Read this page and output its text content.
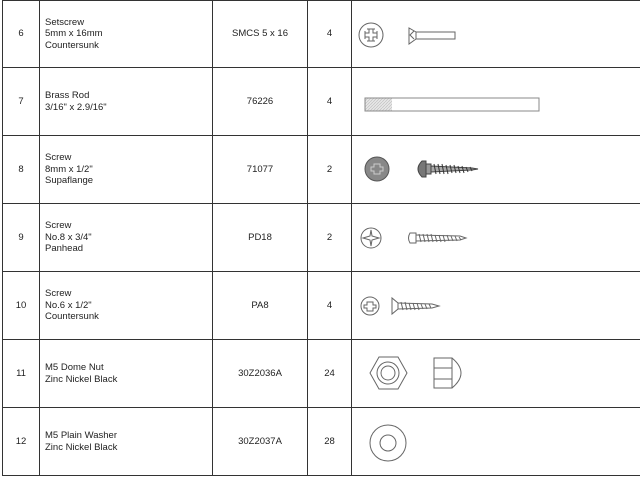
6	Setscrew
5mm x 16mm
Countersunk	SMCS 5 x 16	4	

7	Brass Rod
3/16" x 2.9/16"	76226	4	

8	Screw
8mm x 1/2"
Supaflange	71077	2	

9	Screw
No.8 x 3/4"
Panhead	PD18	2	

10	Screw
No.6 x 1/2"
Countersunk	PA8	4	

11	M5 Dome Nut
Zinc Nickel Black	30Z2036A	24	

12	M5 Plain Washer
Zinc Nickel Black	30Z2037A	28	
